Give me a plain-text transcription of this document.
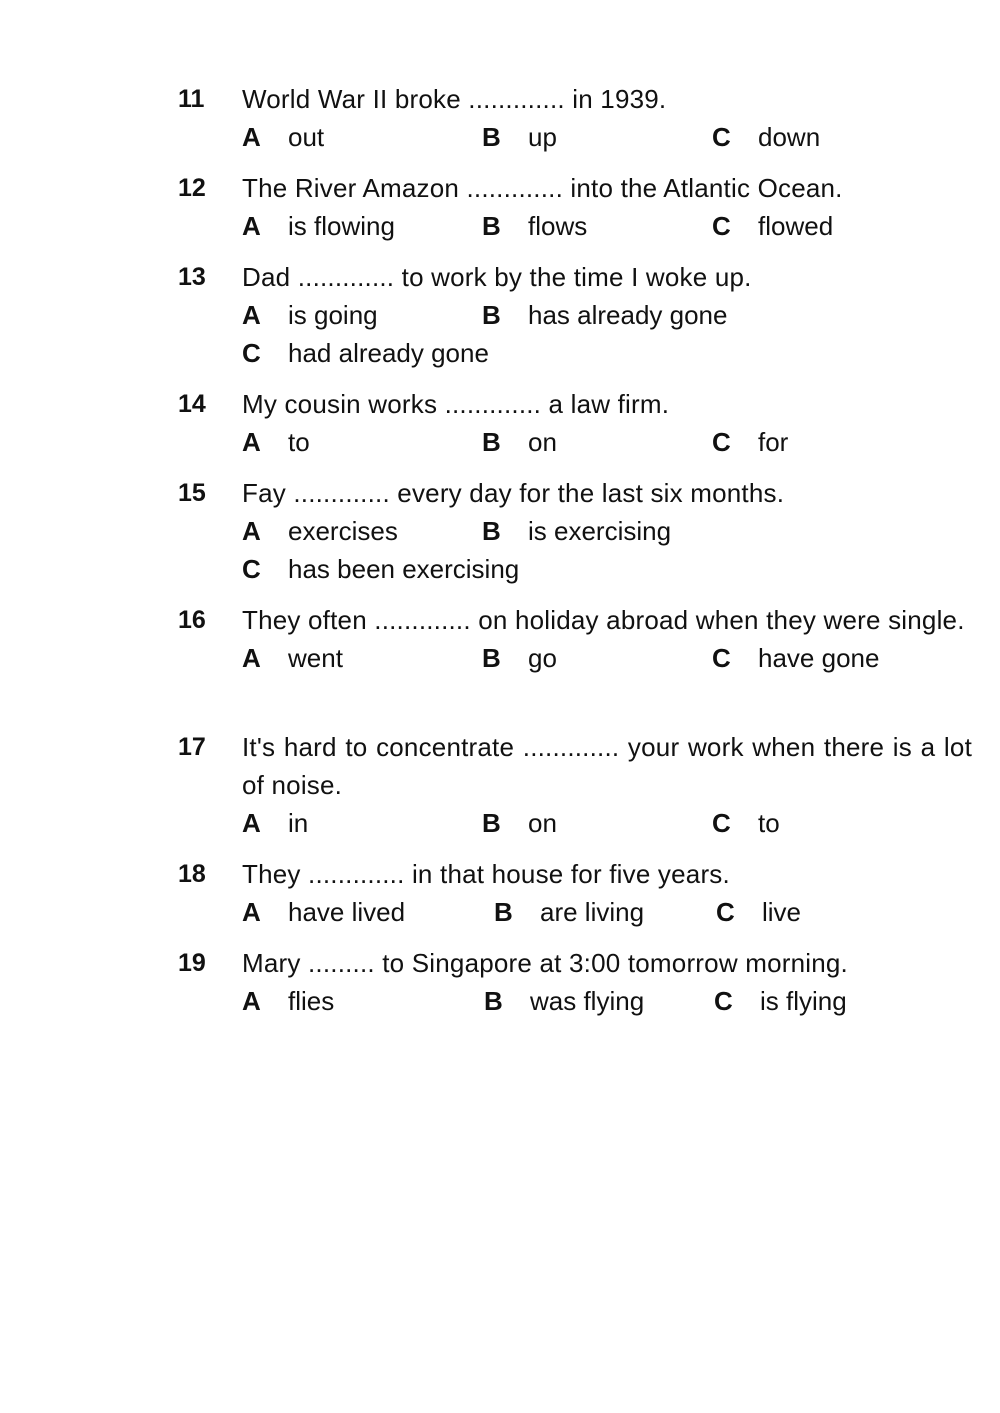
11 World War II broke ............. in 1939.
A out	B up	C down
12 The River Amazon ............. into the Atlantic Ocean.
A is flowing	B flows	C flowed
13 Dad ............. to work by the time I woke up.
A is going	B has already gone
C had already gone
14 My cousin works ............. a law firm.
A to	B on	C for
15 Fay ............. every day for the last six months.
A exercises	B is exercising
C has been exercising
16 They often ............. on holiday abroad when they were single.
A went	B go	C have gone
17 It's hard to concentrate ............. your work when there is a lot of noise.
A in	B on	C to
18 They ............. in that house for five years.
A have lived	B are living	C live
19 Mary ......... to Singapore at 3:00 tomorrow morning.
A flies	B was flying	C is flying
